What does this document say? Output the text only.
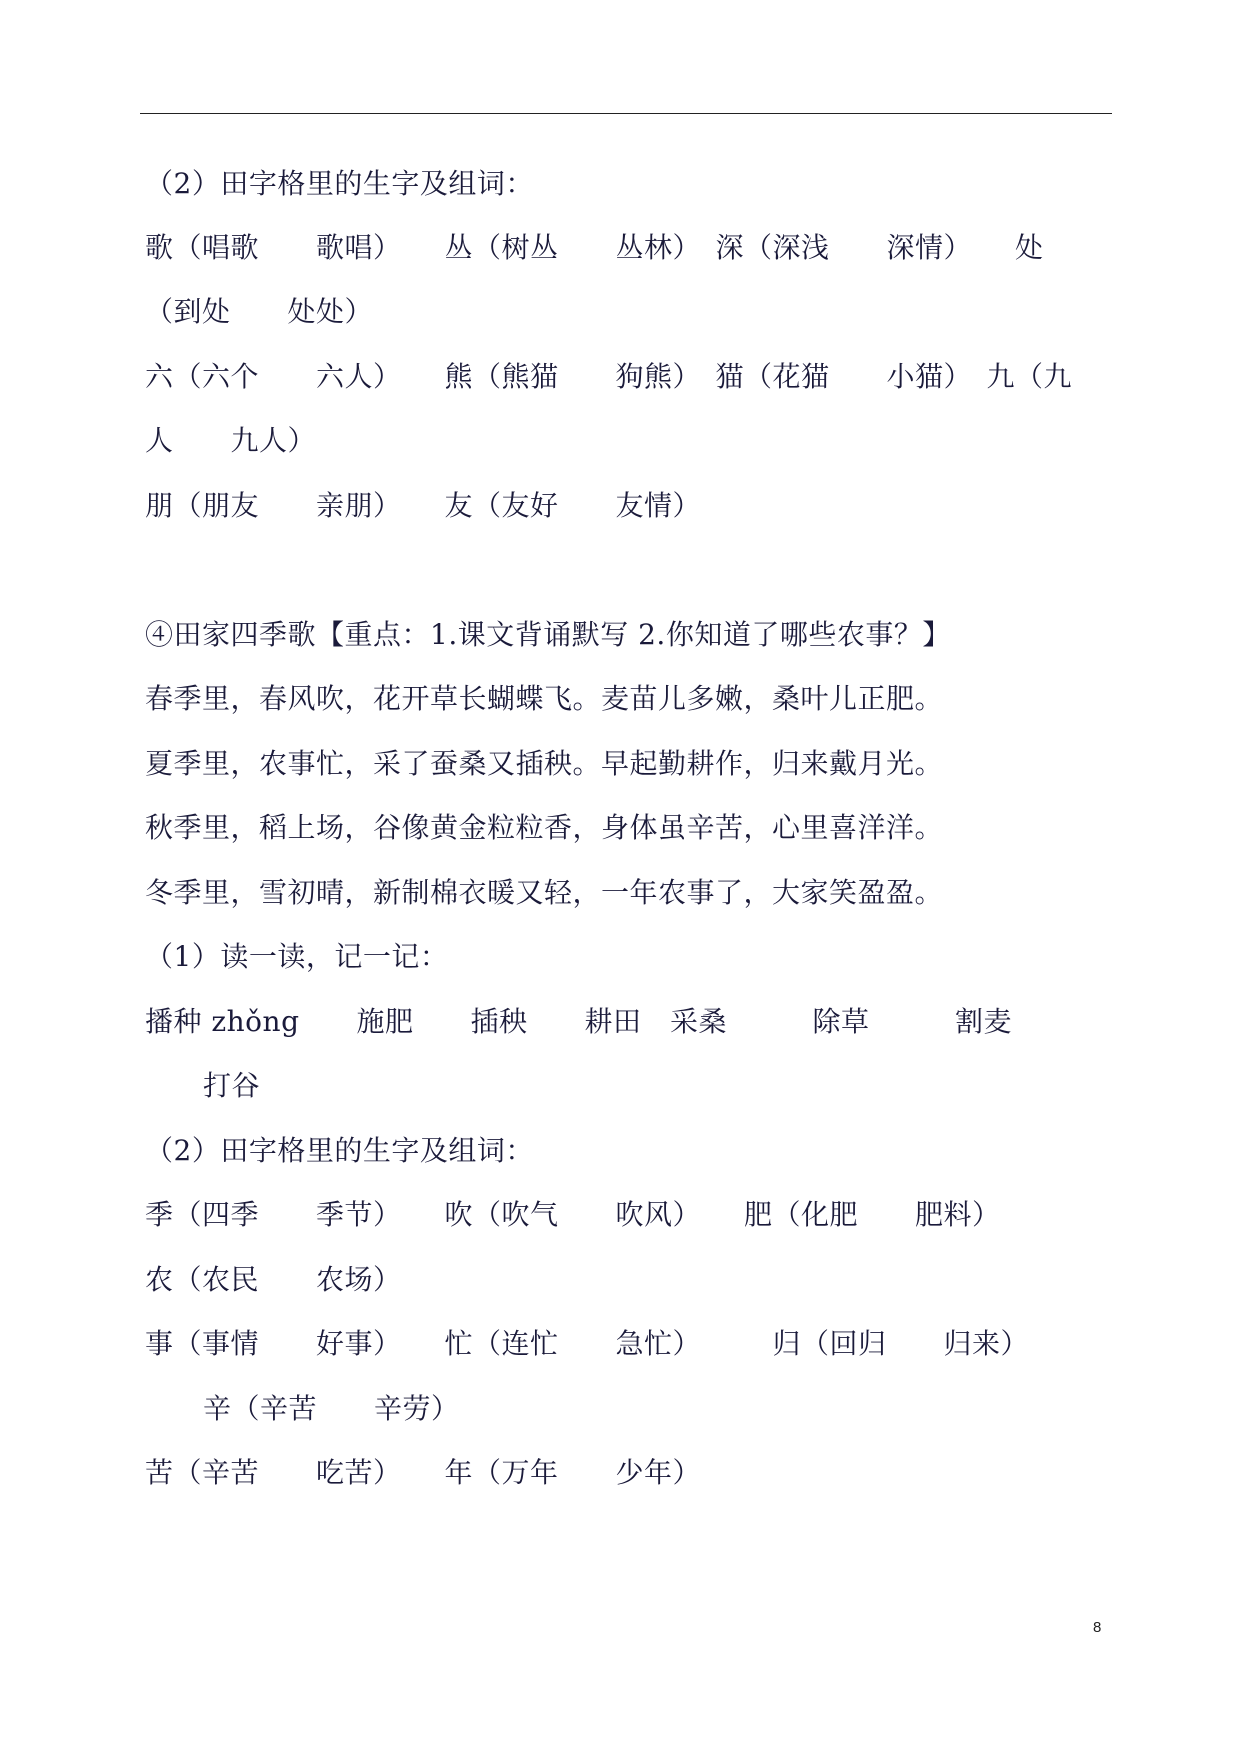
（2）田字格里的生字及组词：
歌（唱歌　　歌唱）　　丛（树丛　　丛林）　深（深浅　　深情）　　处
（到处　　处处）
六（六个　　六人）　　熊（熊猫　　狗熊）　猫（花猫　　小猫）　九（九
人　　九人）
朋（朋友　　亲朋）　　友（友好　　友情）
④田家四季歌【重点：1.课文背诵默写 2.你知道了哪些农事？】
春季里，春风吹，花开草长蝴蝶飞。麦苗儿多嫩，桑叶儿正肥。
夏季里，农事忙，采了蚕桑又插秧。早起勤耕作，归来戴月光。
秋季里，稻上场，谷像黄金粒粒香，身体虽辛苦，心里喜洋洋。
冬季里，雪初晴，新制棉衣暖又轻，一年农事了，大家笑盈盈。
（1）读一读，记一记：
播种 zhǒng　　施肥　　插秧　　耕田　采桑　　　除草　　　割麦
打谷
（2）田字格里的生字及组词：
季（四季　　季节）　　吹（吹气　　吹风）　　肥（化肥　　肥料）
农（农民　　农场）
事（事情　　好事）　　忙（连忙　　急忙）　　　归（回归　　归来）
辛（辛苦　　辛劳）
苦（辛苦　　吃苦）　　年（万年　　少年）
8
